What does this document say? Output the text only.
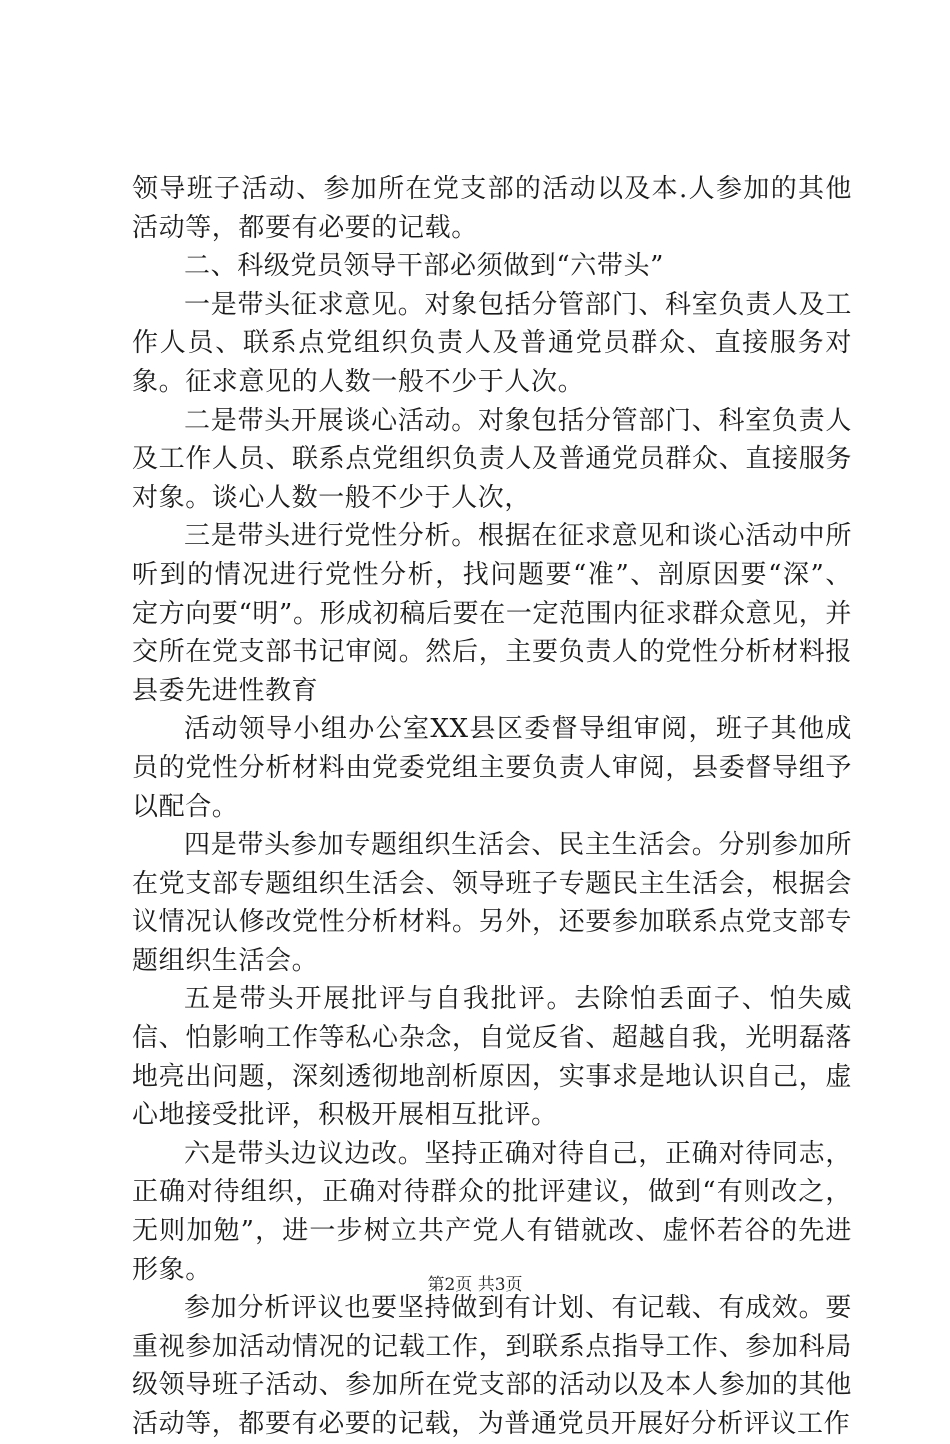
领导班子活动、参加所在党支部的活动以及本.人参加的其他活动等，都要有必要的记载。

二、科级党员领导干部必须做到“六带头”

一是带头征求意见。对象包括分管部门、科室负责人及工作人员、联系点党组织负责人及普通党员群众、直接服务对象。征求意见的人数一般不少于人次。

二是带头开展谈心活动。对象包括分管部门、科室负责人及工作人员、联系点党组织负责人及普通党员群众、直接服务对象。谈心人数一般不少于人次，

三是带头进行党性分析。根据在征求意见和谈心活动中所听到的情况进行党性分析，找问题要“准”、剖原因要“深”、定方向要“明”。形成初稿后要在一定范围内征求群众意见，并交所在党支部书记审阅。然后，主要负责人的党性分析材料报县委先进性教育

活动领导小组办公室XX县区委督导组审阅，班子其他成员的党性分析材料由党委党组主要负责人审阅，县委督导组予以配合。

四是带头参加专题组织生活会、民主生活会。分别参加所在党支部专题组织生活会、领导班子专题民主生活会，根据会议情况认修改党性分析材料。另外，还要参加联系点党支部专题组织生活会。

五是带头开展批评与自我批评。去除怕丢面子、怕失威信、怕影响工作等私心杂念，自觉反省、超越自我，光明磊落地亮出问题，深刻透彻地剖析原因，实事求是地认识自己，虚心地接受批评，积极开展相互批评。

六是带头边议边改。坚持正确对待自己，正确对待同志，正确对待组织，正确对待群众的批评建议，做到“有则改之，无则加勉”，进一步树立共产党人有错就改、虚怀若谷的先进形象。

参加分析评议也要坚持做到有计划、有记载、有成效。要重视参加活动情况的记载工作，到联系点指导工作、参加科局级领导班子活动、参加所在党支部的活动以及本人参加的其他活动等，都要有必要的记载，为普通党员开展好分析评议工作

第2页 共3页
